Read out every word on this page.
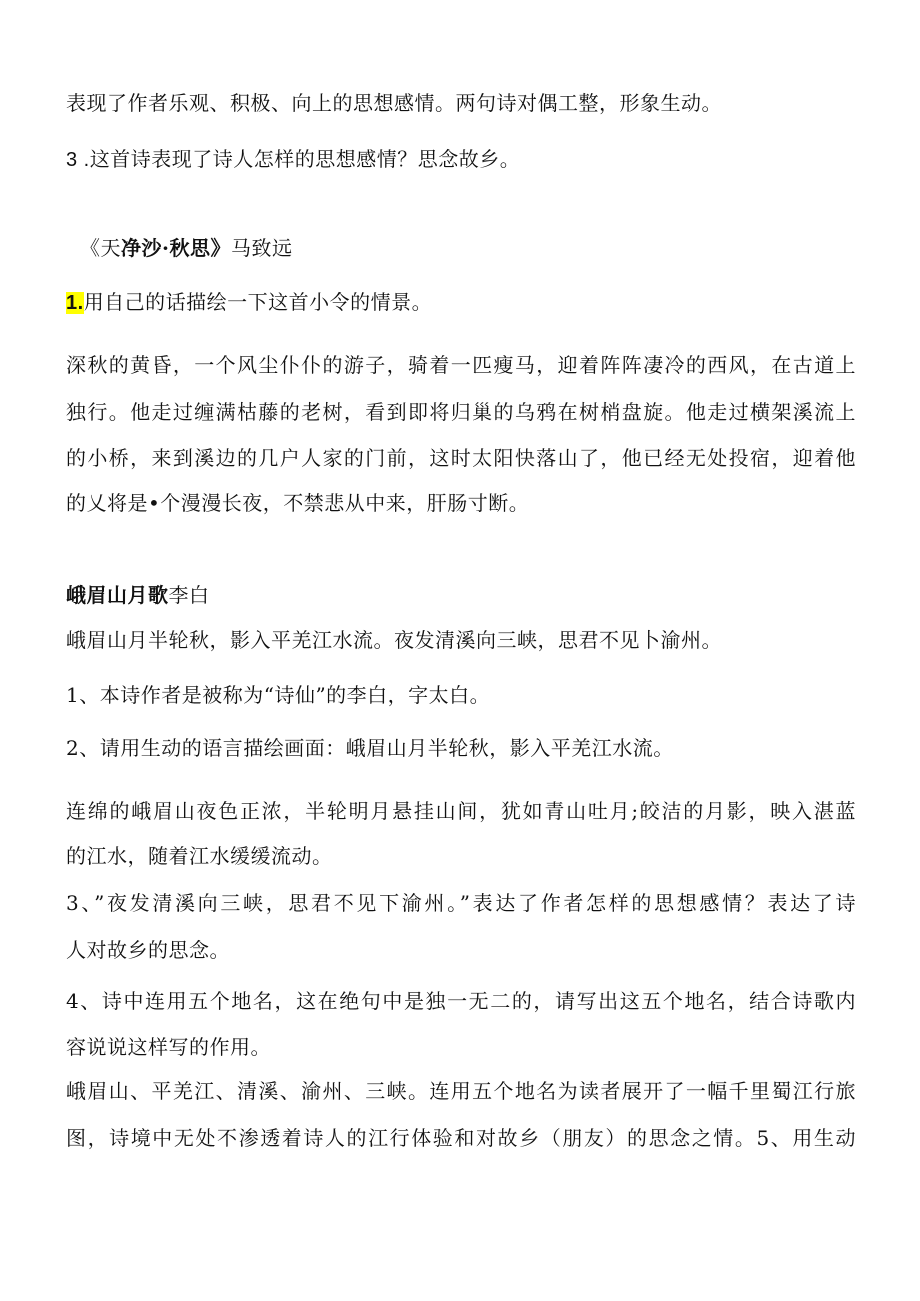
表现了作者乐观、积极、向上的思想感情。两句诗对偶工整，形象生动。
3 .这首诗表现了诗人怎样的思想感情？思念故乡。
《天净沙·秋思》马致远
1.用自己的话描绘一下这首小令的情景。
深秋的黄昏，一个风尘仆仆的游子，骑着一匹瘦马，迎着阵阵凄冷的西风，在古道上
独行。他走过缠满枯藤的老树，看到即将归巢的乌鸦在树梢盘旋。他走过横架溪流上
的小桥，来到溪边的几户人家的门前，这时太阳快落山了，他已经无处投宿，迎着他
的乂将是•个漫漫长夜，不禁悲从中来，肝肠寸断。
峨眉山月歌李白
峨眉山月半轮秋，影入平羌江水流。夜发清溪向三峡，思君不见卜渝州。
1、本诗作者是被称为“诗仙”的李白，字太白。
2、请用生动的语言描绘画面：峨眉山月半轮秋，影入平羌江水流。
连绵的峨眉山夜色正浓，半轮明月悬挂山间，犹如青山吐月;皎洁的月影，映入湛蓝
的江水，随着江水缓缓流动。
3、”夜发清溪向三峡，思君不见下渝州。”表达了作者怎样的思想感情？表达了诗
人对故乡的思念。
4、诗中连用五个地名，这在绝句中是独一无二的，请写出这五个地名，结合诗歌内
容说说这样写的作用。
峨眉山、平羌江、清溪、渝州、三峡。连用五个地名为读者展开了一幅千里蜀江行旅
图，诗境中无处不渗透着诗人的江行体验和对故乡（朋友）的思念之情。5、用生动
